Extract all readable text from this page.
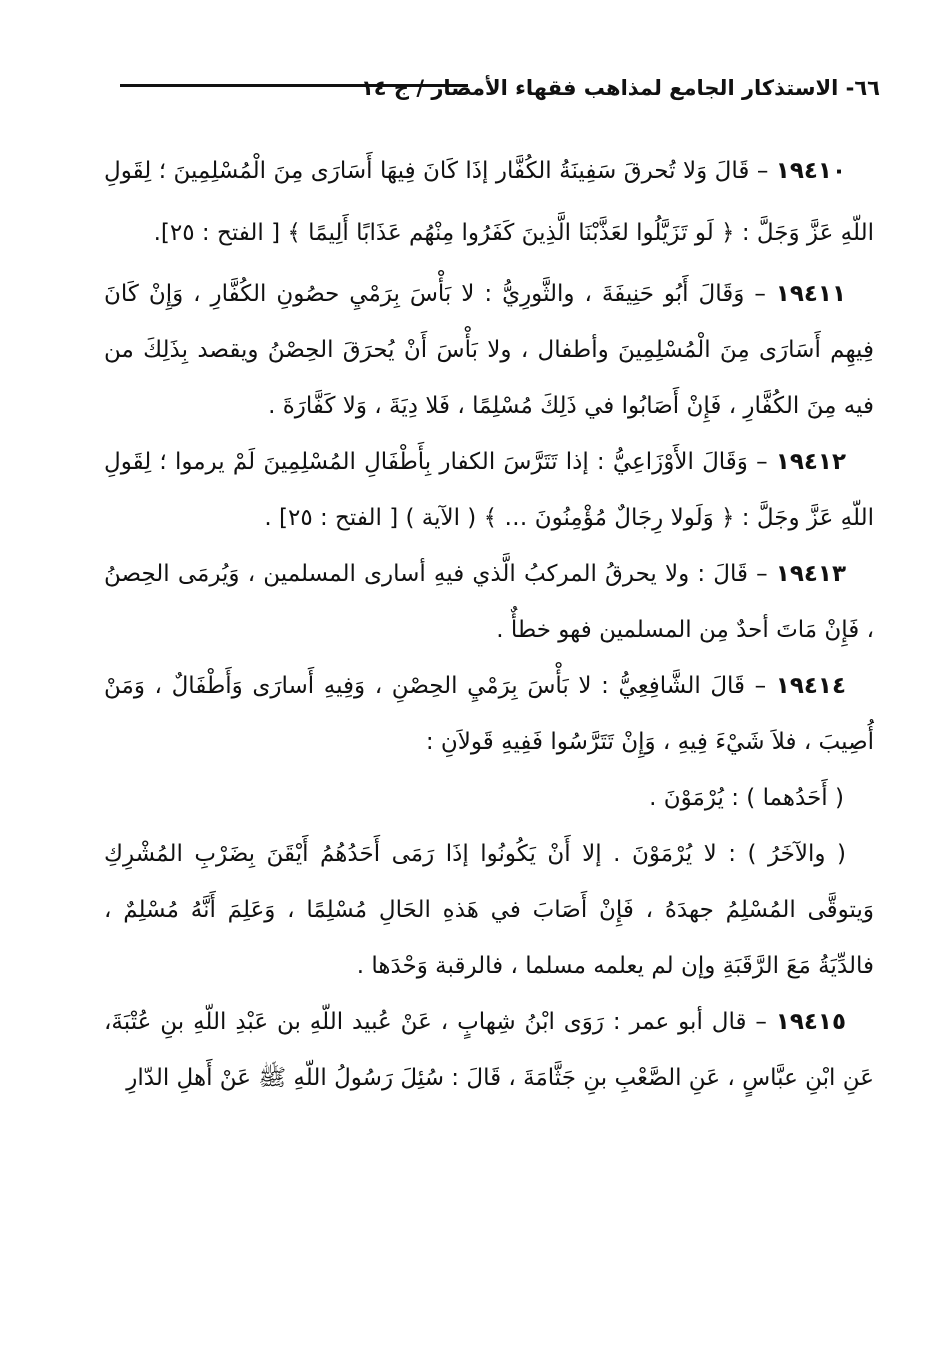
٦٦- الاستذكار الجامع لمذاهب فقهاء الأمصار / ج ١٤

١٩٤١٠ – قَالَ وَلا تُحرقَ سَفِينَةُ الكُفَّار إذَا كَانَ فِيهَا أَسَارَى مِنَ الْمُسْلِمِينَ ؛ لِقَولِ اللّهِ عَزَّ وَجَلَّ : ﴿ لَو تَزَيَّلُوا لعَذَّبْنَا الَّذِينَ كَفَرُوا مِنْهُم عَذَابًا أَلِيمًا ﴾ [ الفتح : ٢٥].

١٩٤١١ – وَقَالَ أَبُو حَنِيفَةَ ، والثَّورِيُّ : لا بَأْسَ بِرَمْيِ حصُونِ الكُفَّارِ ، وَإِنْ كَانَ فِيهِم أَسَارَى مِنَ الْمُسْلِمِينَ وأطفال ، ولا بَأْسَ أَنْ يُحرَقَ الحِصْنُ ويقصد بِذَلِكَ من فيه مِنَ الكُفَّارِ ، فَإِنْ أَصَابُوا في ذَلِكَ مُسْلِمًا ، فَلا دِيَةَ ، وَلا كَفَّارَةَ .

١٩٤١٢ – وَقَالَ الأَوْزَاعِيُّ : إذا تَتَرَّسَ الكفار بِأَطْفَالِ المُسْلِمِينَ لَمْ يرموا ؛ لِقَولِ اللّهِ عَزَّ وجَلَّ : ﴿ وَلَولا رِجَالٌ مُؤْمِنُونَ … ﴾ ( الآية ) [ الفتح : ٢٥] .

١٩٤١٣ – قَالَ : ولا يحرقُ المركبُ الَّذي فيهِ أسارى المسلمين ، وَيُرمَى الحِصنُ ، فَإِنْ مَاتَ أحدٌ مِن المسلمين فهو خطأٌ .

١٩٤١٤ – قَالَ الشَّافِعِيُّ : لا بَأْسَ بِرَمْيِ الحِصْنِ ، وَفِيهِ أَسارَى وَأَطْفَالٌ ، وَمَنْ أُصِيبَ ، فلاَ شَيْءَ فِيهِ ، وَإِنْ تَتَرَّسُوا فَفِيهِ قَولاَنِ :

( أَحَدُهما ) : يُرْمَوْنَ .

( والآخَرُ ) : لا يُرْمَوْنَ . إلا أَنْ يَكُونُوا إذَا رَمَى أَحَدُهُمُ أَيْقَنَ بِضَرْبِ المُشْرِكِ وَيتوقَّى المُسْلِمُ جهدَهُ ، فَإِنْ أَصَابَ في هَذهِ الحَالِ مُسْلِمًا ، وَعَلِمَ أَنَّهُ مُسْلِمٌ ، فالدِّيَةُ مَعَ الرَّقَبَةِ وإن لم يعلمه مسلما ، فالرقبة وَحْدَها .

١٩٤١٥ – قال أبو عمر : رَوَى ابْنُ شِهابٍ ، عَنْ عُبيد اللّهِ بن عَبْدِ اللّهِ بنِ عُتْبَةَ، عَنِ ابْنِ عبَّاسٍ ، عَنِ الصَّعْبِ بنِ جَثَّامَةَ ، قَالَ : سُئِلَ رَسُولُ اللّهِ ﷺ عَنْ أَهلِ الدّارِ
